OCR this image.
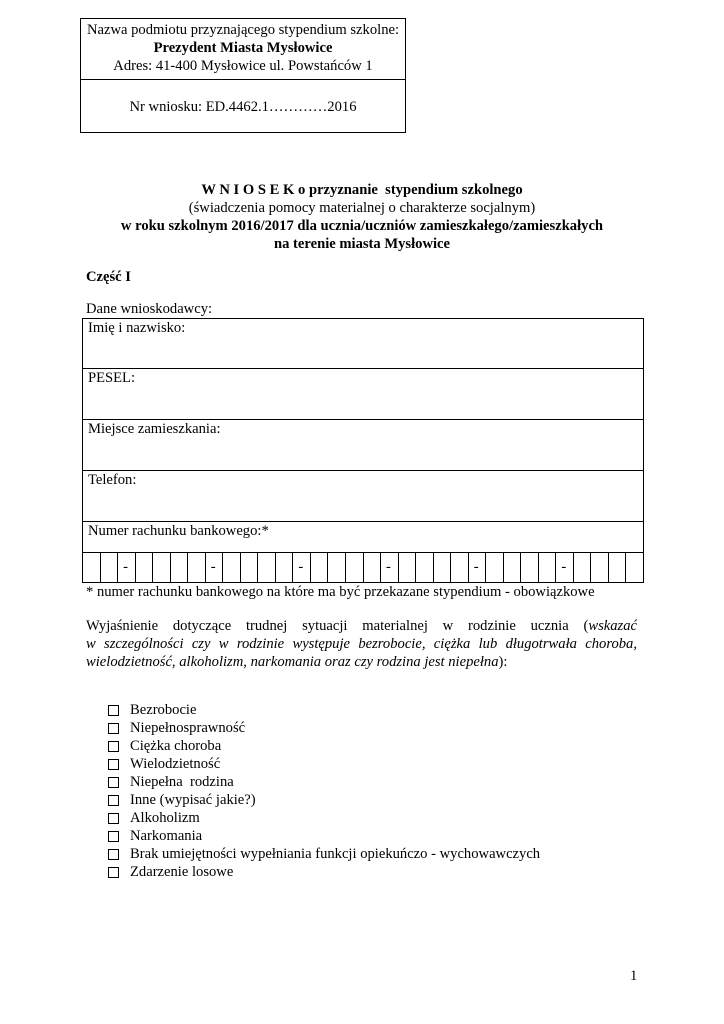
Nazwa podmiotu przyznającego stypendium szkolne:
Prezydent Miasta Mysłowice
Adres: 41-400 Mysłowice ul. Powstańców 1
Nr wniosku: ED.4462.1…………2016
W N I O S E K o przyznanie  stypendium szkolnego
(świadczenia pomocy materialnej o charakterze socjalnym)
w roku szkolnym 2016/2017 dla ucznia/uczniów zamieszkałego/zamieszkałych
na terenie miasta Mysłowice
Część I
Dane wnioskodawcy:
Imię i nazwisko:
PESEL:
Miejsce zamieszkania:
Telefon:
Numer rachunku bankowego:*
-	-	-	-	-	-
* numer rachunku bankowego na które ma być przekazane stypendium - obowiązkowe

Wyjaśnienie dotyczące trudnej sytuacji materialnej w rodzinie ucznia (wskazać w szczególności czy w rodzinie występuje bezrobocie, ciężka lub długotrwała choroba, wielodzietność, alkoholizm, narkomania oraz czy rodzina jest niepełna):

Bezrobocie
Niepełnosprawność
Ciężka choroba
Wielodzietność
Niepełna  rodzina
Inne (wypisać jakie?)
Alkoholizm
Narkomania
Brak umiejętności wypełniania funkcji opiekuńczo - wychowawczych
Zdarzenie losowe
1
